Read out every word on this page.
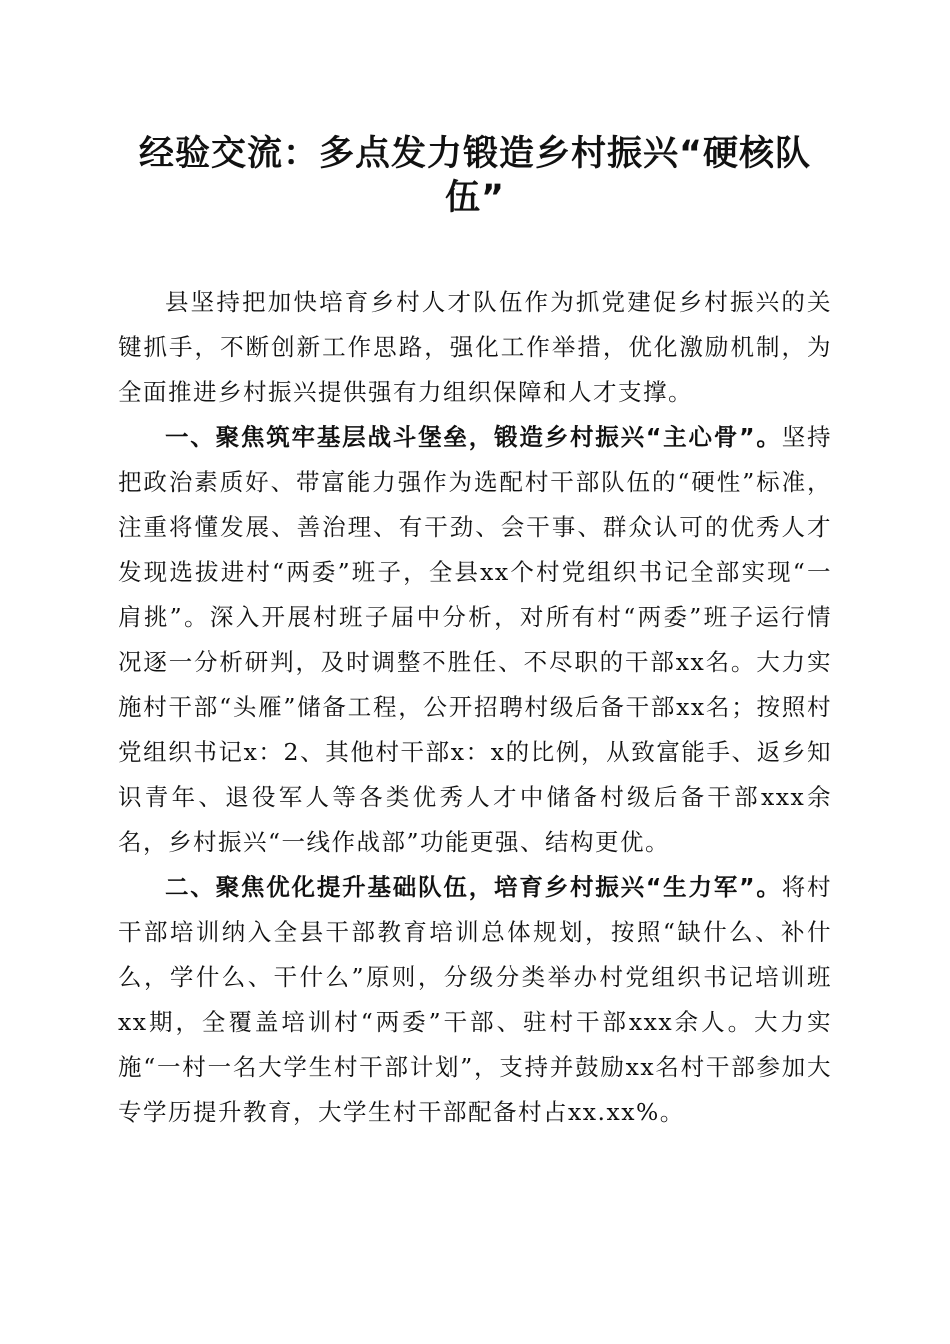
经验交流：多点发力锻造乡村振兴“硬核队伍”

县坚持把加快培育乡村人才队伍作为抓党建促乡村振兴的关键抓手，不断创新工作思路，强化工作举措，优化激励机制，为全面推进乡村振兴提供强有力组织保障和人才支撑。

一、聚焦筑牢基层战斗堡垒，锻造乡村振兴“主心骨”。坚持把政治素质好、带富能力强作为选配村干部队伍的“硬性”标准，注重将懂发展、善治理、有干劲、会干事、群众认可的优秀人才发现选拔进村“两委”班子，全县xx个村党组织书记全部实现“一肩挑”。深入开展村班子届中分析，对所有村“两委”班子运行情况逐一分析研判，及时调整不胜任、不尽职的干部xx名。大力实施村干部“头雁”储备工程，公开招聘村级后备干部xx名；按照村党组织书记x：2、其他村干部x：x的比例，从致富能手、返乡知识青年、退役军人等各类优秀人才中储备村级后备干部xxx余名，乡村振兴“一线作战部”功能更强、结构更优。

二、聚焦优化提升基础队伍，培育乡村振兴“生力军”。将村干部培训纳入全县干部教育培训总体规划，按照“缺什么、补什么，学什么、干什么”原则，分级分类举办村党组织书记培训班xx期，全覆盖培训村“两委”干部、驻村干部xxx余人。大力实施“一村一名大学生村干部计划”，支持并鼓励xx名村干部参加大专学历提升教育，大学生村干部配备村占xx.xx%。
